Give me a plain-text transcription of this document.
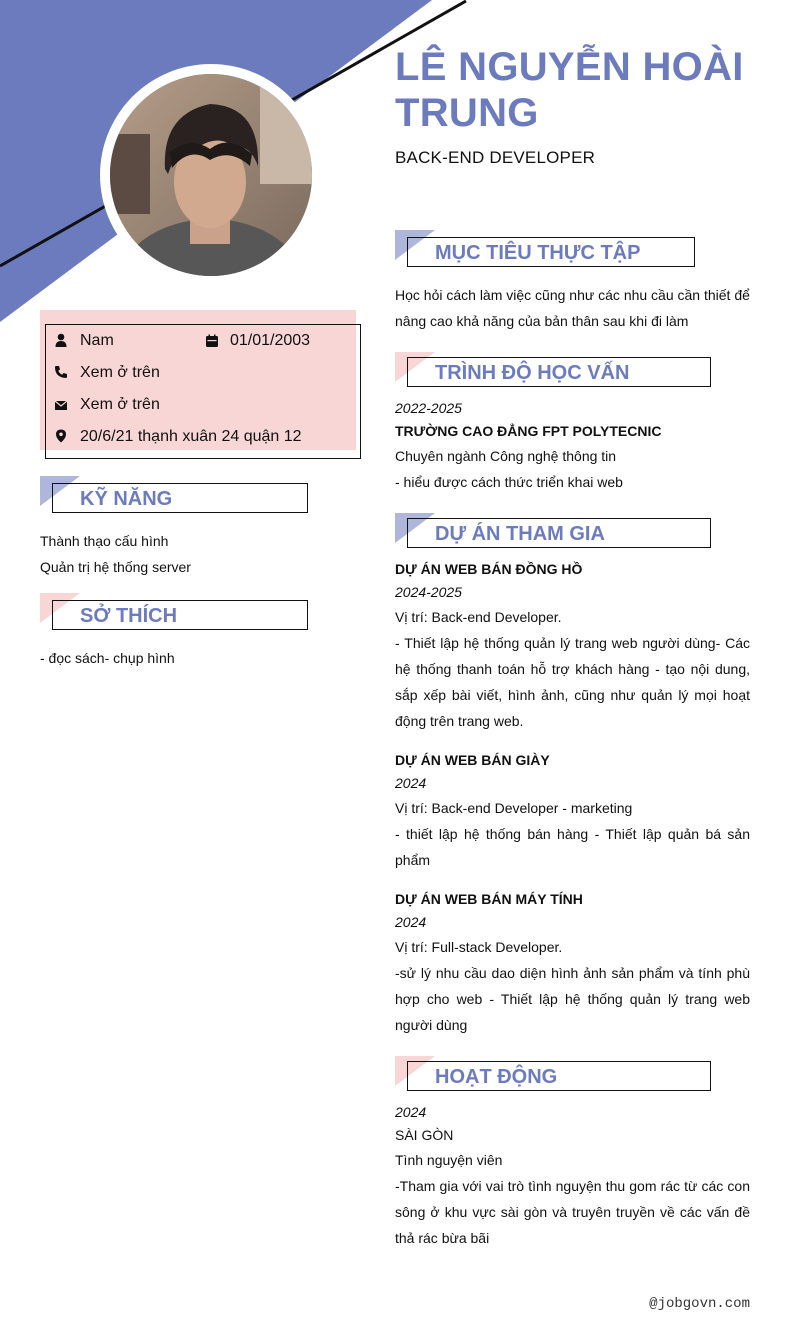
LÊ NGUYỄN HOÀI TRUNG
BACK-END DEVELOPER
Nam	01/01/2003
Xem ở trên
Xem ở trên
20/6/21 thạnh xuân 24 quận 12
KỸ NĂNG
Thành thạo cấu hình
Quản trị hệ thống server
SỞ THÍCH
- đọc sách- chụp hình
MỤC TIÊU THỰC TẬP
Học hỏi cách làm việc cũng như các nhu cầu cần thiết để nâng cao khả năng của bản thân sau khi đi làm
TRÌNH ĐỘ HỌC VẤN
2022-2025
TRƯỜNG CAO ĐẲNG FPT POLYTECNIC
Chuyên ngành Công nghệ thông tin
- hiểu được cách thức triển khai web
DỰ ÁN THAM GIA
DỰ ÁN WEB BÁN ĐỒNG HỒ
2024-2025
Vị trí: Back-end Developer.
- Thiết lập hệ thống quản lý trang web người dùng- Các hệ thống thanh toán hỗ trợ khách hàng - tạo nội dung, sắp xếp bài viết, hình ảnh, cũng như quản lý mọi hoạt động trên trang web.
DỰ ÁN WEB BÁN GIÀY
2024
Vị trí: Back-end Developer - marketing
- thiết lập hệ thống bán hàng - Thiết lập quản bá sản phẩm
DỰ ÁN WEB BÁN MÁY TÍNH
2024
Vị trí: Full-stack Developer.
-sử lý nhu cầu dao diện hình ảnh sản phẩm và tính phù hợp cho web - Thiết lập hệ thống quản lý trang web người dùng
HOẠT ĐỘNG
2024
SÀI GÒN
Tình nguyện viên
-Tham gia với vai trò tình nguyện thu gom rác từ các con sông ở khu vực sài gòn và truyên truyền về các vấn đề thả rác bừa bãi
@jobgovn.com
